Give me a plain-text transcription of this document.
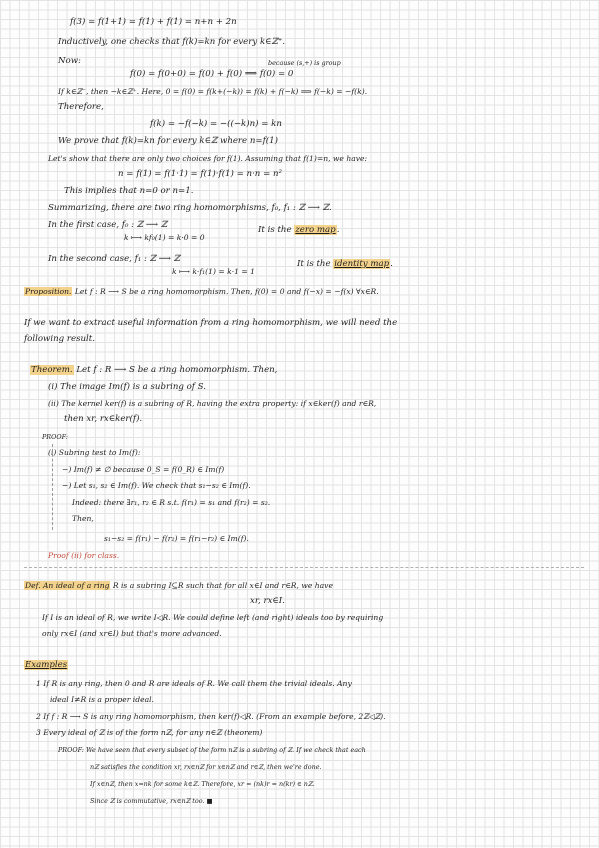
f(3) = f(1+1) = f(1) + f(1) = n+n + 2n
Inductively, one checks that f(k)=kn for every k∈ℤ⁺.
Now:	because (s,+) is group
f(0) = f(0+0) = f(0) + f(0) ⟹ f(0) = 0
If k∈ℤ⁻, then −k∈ℤ⁺. Here, 0 = f(0) = f(k+(−k)) = f(k) + f(−k) ⟹ f(−k) = −f(k).
Therefore,
f(k) = −f(−k) = −((−k)n) = kn
We prove that f(k)=kn for every k∈ℤ where n=f(1)
Let's show that there are only two choices for f(1). Assuming that f(1)=n, we have:
n = f(1) = f(1·1) = f(1)·f(1) = n·n = n²
This implies that n=0 or n=1.
Summarizing, there are two ring homomorphisms, f₀, f₁ : ℤ ⟶ ℤ.
In the first case, f₀ : ℤ ⟶ ℤ
k ⟼ kf₀(1) = k·0 = 0
It is the zero map.
In the second case, f₁ : ℤ ⟶ ℤ
k ⟼ k·f₁(1) = k·1 = 1
It is the identity map.
Proposition. Let f : R ⟶ S be a ring homomorphism. Then, f(0) = 0 and f(−x) = −f(x) ∀x∈R.
If we want to extract useful information from a ring homomorphism, we will need the
following result.
Theorem. Let f : R ⟶ S be a ring homomorphism. Then,
(i) The image Im(f) is a subring of S.
(ii) The kernel ker(f) is a subring of R, having the extra property: if x∈ker(f) and r∈R,
then xr, rx∈ker(f).
PROOF:
(i) Subring test to Im(f):
−) Im(f) ≠ ∅ because 0_S = f(0_R) ∈ Im(f)
−) Let s₁, s₂ ∈ Im(f). We check that s₁−s₂ ∈ Im(f).
Indeed: there ∃r₁, r₂ ∈ R s.t. f(r₁) = s₁ and f(r₂) = s₂.
Then,
s₁−s₂ = f(r₁) − f(r₂) = f(r₁−r₂) ∈ Im(f).
Proof (ii) for class.
Def. An ideal of a ring R is a subring I⊆R such that for all x∈I and r∈R, we have
xr, rx∈I.
If I is an ideal of R, we write I◁R. We could define left (and right) ideals too by requiring
only rx∈I (and xr∈I) but that's more advanced.
Examples
1 If R is any ring, then 0 and R are ideals of R. We call them the trivial ideals. Any
ideal I≠R is a proper ideal.
2 If f : R ⟶ S is any ring homomorphism, then ker(f)◁R. (From an example before, 2ℤ◁ℤ).
3 Every ideal of ℤ is of the form nℤ, for any n∈ℤ (theorem)
PROOF: We have seen that every subset of the form nℤ is a subring of ℤ. If we check that each
nℤ satisfies the condition xr, rx∈nℤ for x∈nℤ and r∈ℤ, then we're done.
If x∈nℤ, then x=nk for some k∈ℤ. Therefore, xr = (nk)r = n(kr) ∈ nℤ.
Since ℤ is commutative, rx∈nℤ too. ■
